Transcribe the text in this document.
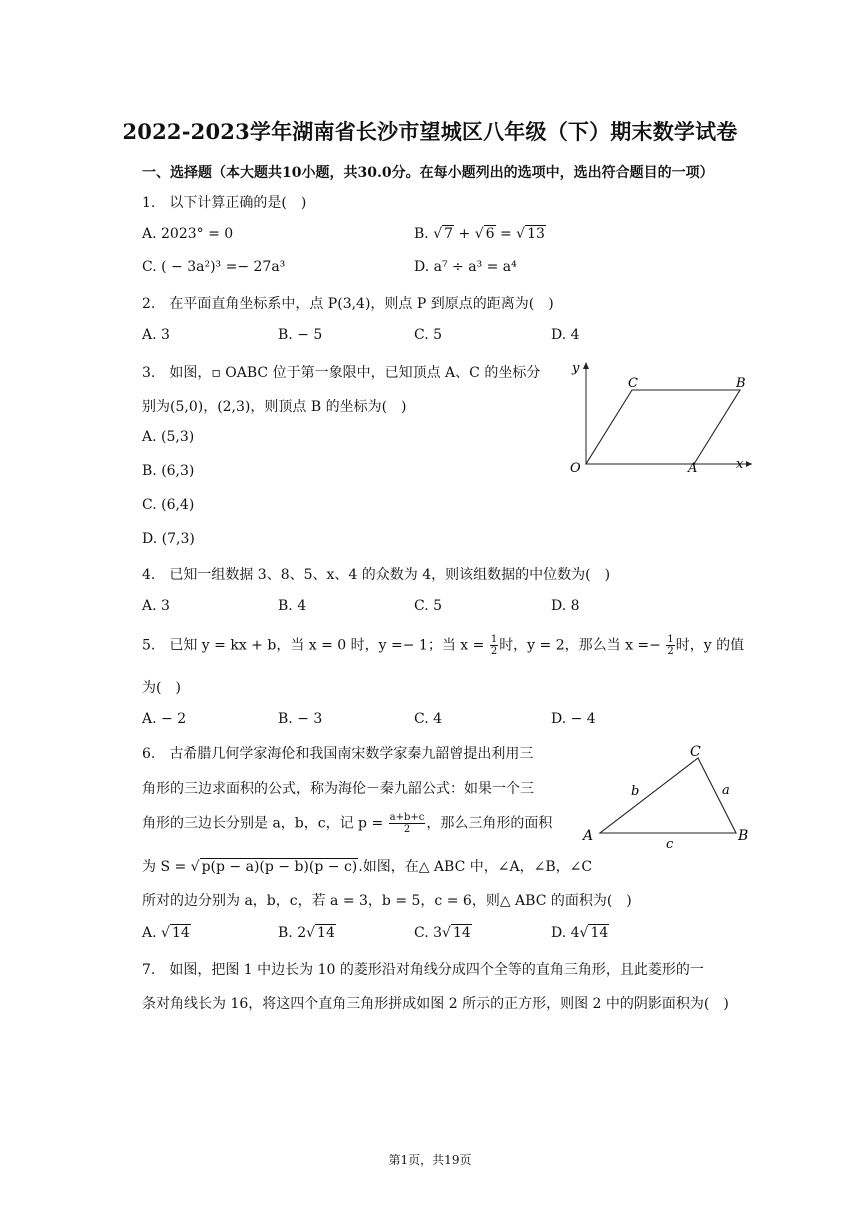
2022-2023学年湖南省长沙市望城区八年级（下）期末数学试卷
一、选择题（本大题共10小题，共30.0分。在每小题列出的选项中，选出符合题目的一项）
1.　以下计算正确的是(　)
A. 2023° = 0	B. √ 7 + √ 6 = √ 13
C. ( − 3a²)³ =− 27a³	D. a⁷ ÷ a³ = a⁴
2.　在平面直角坐标系中，点 P(3,4)，则点 P 到原点的距离为(　)
A. 3	B. − 5	C. 5	D. 4
3.　如图，▫ OABC 位于第一象限中，已知顶点 A、C 的坐标分
别为(5,0)，(2,3)，则顶点 B 的坐标为(　)
A. (5,3)
B. (6,3)
C. (6,4)
D. (7,3)
y
x
O	A
B
C
4.　已知一组数据 3、8、5、x、4 的众数为 4，则该组数据的中位数为(　)
A. 3	B. 4	C. 5	D. 8
5.　已知 y = kx + b，当 x = 0 时，y =− 1；当 $x = \frac{1}{2}$ 时，y = 2，那么当 $x =- \frac{1}{2}$ 时，y 的值
为(　)
A. − 2	B. − 3	C. 4	D. − 4
6.　古希腊几何学家海伦和我国南宋数学家秦九韶曾提出利用三
角形的三边求面积的公式，称为海伦－秦九韶公式：如果一个三
角形的三边长分别是 a，b，c，记 $p = \frac{a+b+c}{2}$ ，那么三角形的面积
为 S = √ p(p − a)(p − b)(p − c).如图，在△ ABC 中，∠A，∠B，∠C
所对的边分别为 a，b，c，若 a = 3，b = 5，c = 6，则△ ABC 的面积为(　)
A. √ 14	B. 2√ 14	C. 3√ 14	D. 4√ 14
A	B
C
a
b
c
7.　如图，把图 1 中边长为 10 的菱形沿对角线分成四个全等的直角三角形，且此菱形的一
条对角线长为 16，将这四个直角三角形拼成如图 2 所示的正方形，则图 2 中的阴影面积为(　)
第1页，共19页
